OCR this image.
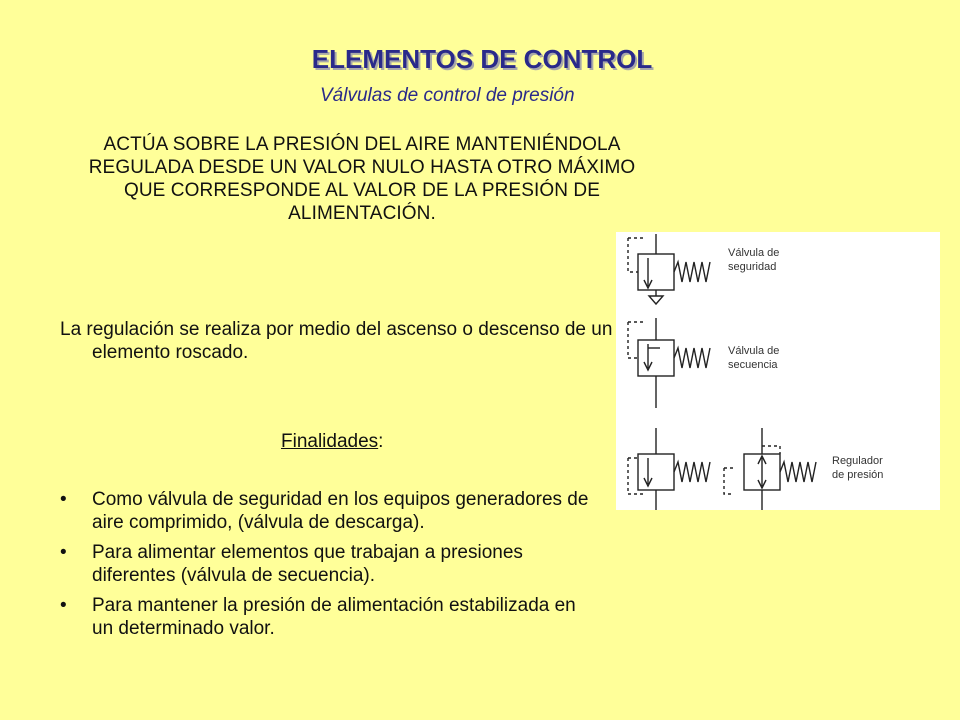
ELEMENTOS DE CONTROL
Válvulas de control de presión
ACTÚA SOBRE LA PRESIÓN DEL AIRE MANTENIÉNDOLA REGULADA DESDE UN VALOR NULO HASTA OTRO MÁXIMO QUE CORRESPONDE AL VALOR DE LA PRESIÓN DE ALIMENTACIÓN.
La regulación se realiza por medio del ascenso o descenso de un elemento roscado.
Finalidades:
•	Como válvula de seguridad en los equipos generadores de aire comprimido, (válvula de descarga).
•	Para alimentar elementos que trabajan a presiones diferentes (válvula de secuencia).
•	Para mantener la presión de alimentación estabilizada en un determinado valor.
Válvula de
seguridad
Válvula de
secuencia
Regulador
de presión
